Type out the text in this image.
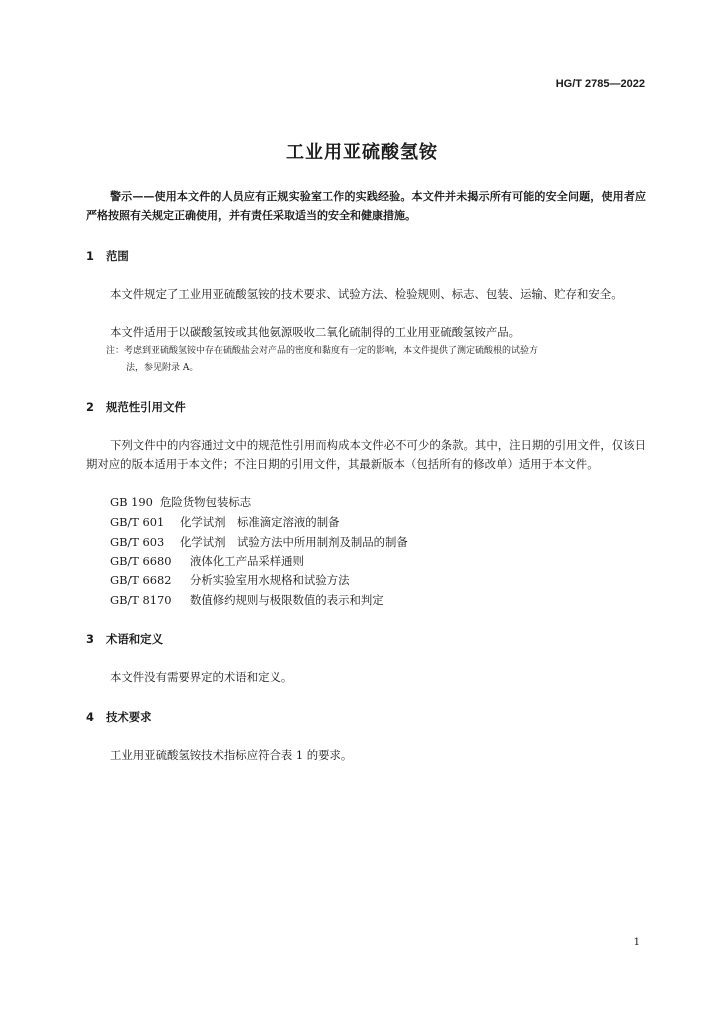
HG/T 2785—2022
工业用亚硫酸氢铵

警示——使用本文件的人员应有正规实验室工作的实践经验。本文件并未揭示所有可能的安全问题，使用者应严格按照有关规定正确使用，并有责任采取适当的安全和健康措施。

1 范围

本文件规定了工业用亚硫酸氢铵的技术要求、试验方法、检验规则、标志、包装、运输、贮存和安全。

本文件适用于以碳酸氢铵或其他氨源吸收二氧化硫制得的工业用亚硫酸氢铵产品。

注：考虑到亚硫酸氢铵中存在硫酸盐会对产品的密度和黏度有一定的影响，本文件提供了测定硫酸根的试验方
法，参见附录 A。
2 规范性引用文件

下列文件中的内容通过文中的规范性引用而构成本文件必不可少的条款。其中，注日期的引用文件，仅该日期对应的版本适用于本文件；不注日期的引用文件，其最新版本（包括所有的修改单）适用于本文件。

GB 190 危险货物包装标志
GB/T 601 化学试剂　标准滴定溶液的制备
GB/T 603 化学试剂　试验方法中所用制剂及制品的制备
GB/T 6680 液体化工产品采样通则
GB/T 6682 分析实验室用水规格和试验方法
GB/T 8170 数值修约规则与极限数值的表示和判定
3 术语和定义

本文件没有需要界定的术语和定义。

4 技术要求

工业用亚硫酸氢铵技术指标应符合表 1 的要求。

1
